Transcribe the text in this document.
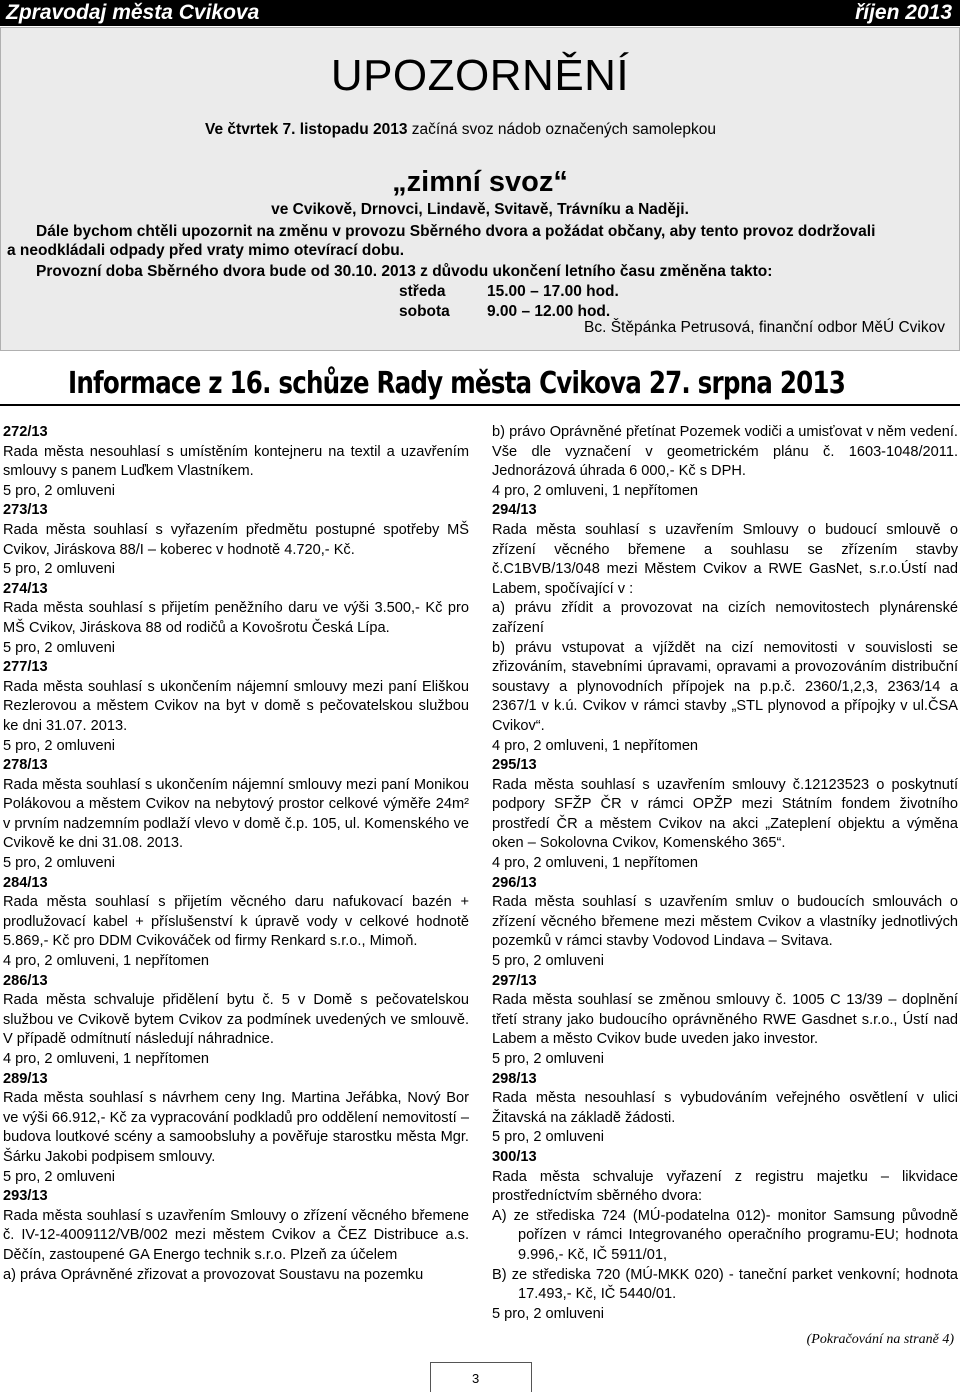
Zpravodaj města Cvikova	říjen 2013
UPOZORNĚNÍ
Ve čtvrtek 7. listopadu 2013 začíná svoz nádob označených samolepkou
„zimní svoz“
ve Cvikově, Drnovci, Lindavě, Svitavě, Trávníku a Naději.
Dále bychom chtěli upozornit na změnu v provozu Sběrného dvora a požádat občany, aby tento provoz dodržovali
a neodkládali odpady před vraty mimo otevírací dobu.
Provozní doba Sběrného dvora bude od 30.10. 2013 z důvodu ukončení letního času změněna takto:
středa	15.00 – 17.00 hod.
sobota 9.00 – 12.00 hod.
Bc. Štěpánka Petrusová, finanční odbor MěÚ Cvikov
Informace z 16. schůze Rady města Cvikova 27. srpna 2013

272/13

Rada města nesouhlasí s umístěním kontejneru na textil a uzavřením smlouvy s panem Luďkem Vlastníkem.

5 pro, 2 omluveni

273/13

Rada města souhlasí s vyřazením předmětu postupné spotřeby MŠ Cvikov, Jiráskova 88/I – koberec v hodnotě 4.720,- Kč.

5 pro, 2 omluveni

274/13

Rada města souhlasí s přijetím peněžního daru ve výši 3.500,- Kč pro MŠ Cvikov, Jiráskova 88 od rodičů a Kovošrotu Česká Lípa.

5 pro, 2 omluveni

277/13

Rada města souhlasí s ukončením nájemní smlouvy mezi paní Eliškou Rezlerovou a městem Cvikov na byt v domě s pečovatelskou službou ke dni 31.07. 2013.

5 pro, 2 omluveni

278/13

Rada města souhlasí s ukončením nájemní smlouvy mezi paní Monikou Polákovou a městem Cvikov na nebytový prostor celkové výměře 24m² v prvním nadzemním podlaží vlevo v domě č.p. 105, ul. Komenského ve Cvikově ke dni 31.08. 2013.

5 pro, 2 omluveni

284/13

Rada města souhlasí s přijetím věcného daru nafukovací bazén + prodlužovací kabel + příslušenství k úpravě vody v celkové hodnotě 5.869,- Kč pro DDM Cvikováček od firmy Renkard s.r.o., Mimoň.

4 pro, 2 omluveni, 1 nepřítomen

286/13

Rada města schvaluje přidělení bytu č. 5 v Domě s pečovatelskou službou ve Cvikově bytem Cvikov za podmínek uvedených ve smlouvě. V případě odmítnutí následují náhradnice.

4 pro, 2 omluveni, 1 nepřítomen

289/13

Rada města souhlasí s návrhem ceny Ing. Martina Jeřábka, Nový Bor ve výši 66.912,- Kč za vypracování podkladů pro oddělení nemovitostí – budova loutkové scény a samoobsluhy a pověřuje starostku města Mgr. Šárku Jakobi podpisem smlouvy.

5 pro, 2 omluveni

293/13

Rada města souhlasí s uzavřením Smlouvy o zřízení věcného břemene č. IV-12-4009112/VB/002 mezi městem Cvikov a ČEZ Distribuce a.s. Děčín, zastoupené GA Energo technik s.r.o. Plzeň za účelem

a) práva Oprávněné zřizovat a provozovat Soustavu na pozemku

b) právo Oprávněné přetínat Pozemek vodiči a umisťovat v něm vedení. Vše dle vyznačení v geometrickém plánu č. 1603-1048/2011. Jednorázová úhrada 6 000,- Kč s DPH.

4 pro, 2 omluveni, 1 nepřítomen

294/13

Rada města souhlasí s uzavřením Smlouvy o budoucí smlouvě o zřízení věcného břemene a souhlasu se zřízením stavby č.C1BVB/13/048 mezi Městem Cvikov a RWE GasNet, s.r.o.Ústí nad Labem, spočívající v :

a) právu zřídit a provozovat na cizích nemovitostech plynárenské zařízení

b) právu vstupovat a vjíždět na cizí nemovitosti v souvislosti se zřizováním, stavebními úpravami, opravami a provozováním distribuční soustavy a plynovodních přípojek na p.p.č. 2360/1,2,3, 2363/14 a 2367/1 v k.ú. Cvikov v rámci stavby „STL plynovod a přípojky v ul.ČSA Cvikov“.

4 pro, 2 omluveni, 1 nepřítomen

295/13

Rada města souhlasí s uzavřením smlouvy č.12123523 o poskytnutí podpory SFŽP ČR v rámci OPŽP mezi Státním fondem životního prostředí ČR a městem Cvikov na akci „Zateplení objektu a výměna oken – Sokolovna Cvikov, Komenského 365“.

4 pro, 2 omluveni, 1 nepřítomen

296/13

Rada města souhlasí s uzavřením smluv o budoucích smlouvách o zřízení věcného břemene mezi městem Cvikov a vlastníky jednotlivých pozemků v rámci stavby Vodovod Lindava – Svitava.

5 pro, 2 omluveni

297/13

Rada města souhlasí se změnou smlouvy č. 1005 C 13/39 – doplnění třetí strany jako budoucího oprávněného RWE Gasdnet s.r.o., Ústí nad Labem a město Cvikov bude uveden jako investor.

5 pro, 2 omluveni

298/13

Rada města nesouhlasí s vybudováním veřejného osvětlení v ulici Žitavská na základě žádosti.

5 pro, 2 omluveni

300/13

Rada města schvaluje vyřazení z registru majetku – likvidace prostředníctvím sběrného dvora:

A) ze střediska 724 (MÚ-podatelna 012)- monitor Samsung původně pořízen v rámci Integrovaného operačního programu-EU; hodnota 9.996,- Kč, IČ 5911/01,

B) ze střediska 720 (MÚ-MKK 020) - taneční parket venkovní; hodnota 17.493,- Kč, IČ 5440/01.

5 pro, 2 omluveni

(Pokračování na straně 4)
3
